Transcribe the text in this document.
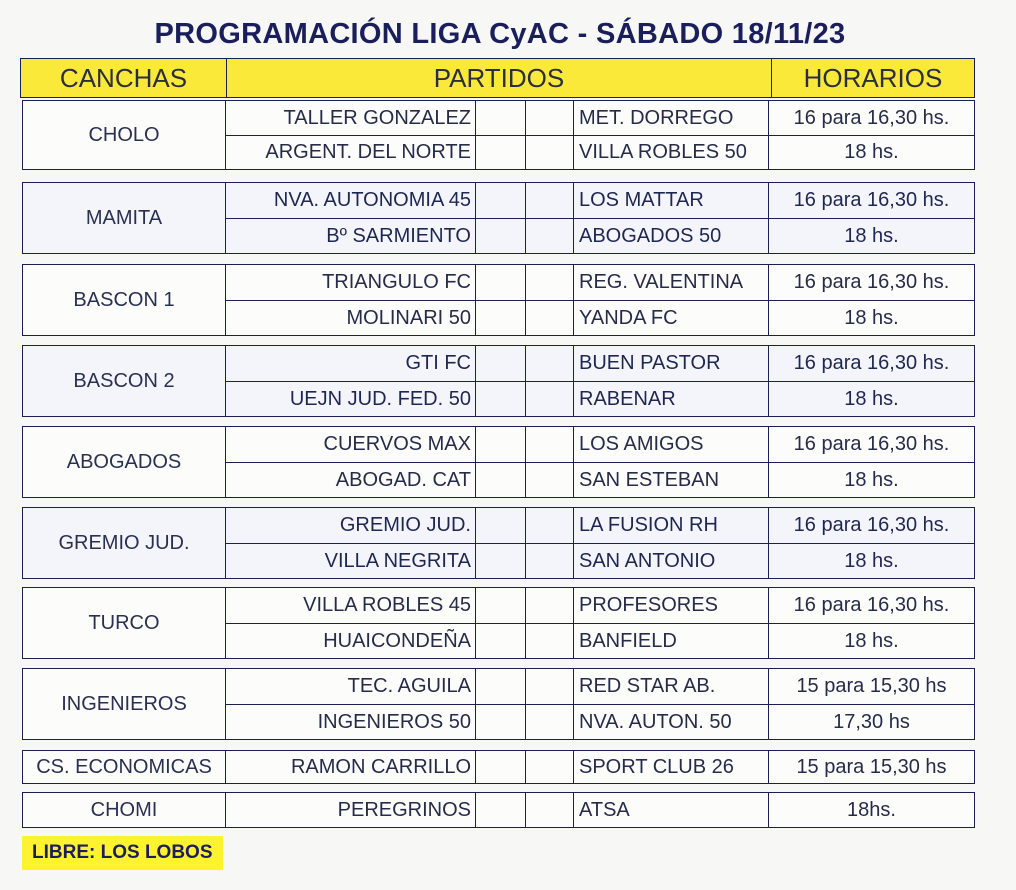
PROGRAMACIÓN LIGA CyAC - SÁBADO 18/11/23
CANCHAS	PARTIDOS	HORARIOS
CHOLO
TALLER GONZALEZ	MET. DORREGO	16 para 16,30 hs.
ARGENT. DEL NORTE	VILLA ROBLES 50	18 hs.
MAMITA
NVA. AUTONOMIA 45	LOS MATTAR	16 para 16,30 hs.
Bº SARMIENTO	ABOGADOS 50	18 hs.
BASCON 1
TRIANGULO FC	REG. VALENTINA	16 para 16,30 hs.
MOLINARI 50	YANDA FC	18 hs.
BASCON 2
GTI FC	BUEN PASTOR	16 para 16,30 hs.
UEJN JUD. FED. 50	RABENAR	18 hs.
ABOGADOS
CUERVOS MAX	LOS AMIGOS	16 para 16,30 hs.
ABOGAD. CAT	SAN ESTEBAN	18 hs.
GREMIO JUD.
GREMIO JUD.	LA FUSION RH	16 para 16,30 hs.
VILLA NEGRITA	SAN ANTONIO	18 hs.
TURCO
VILLA ROBLES 45	PROFESORES	16 para 16,30 hs.
HUAICONDEÑA	BANFIELD	18 hs.
INGENIEROS
TEC. AGUILA	RED STAR AB.	15 para 15,30 hs
INGENIEROS 50	NVA. AUTON. 50	17,30 hs
CS. ECONOMICAS	RAMON CARRILLO	SPORT CLUB 26	15 para 15,30 hs
CHOMI	PEREGRINOS	ATSA	18hs.
LIBRE: LOS LOBOS
